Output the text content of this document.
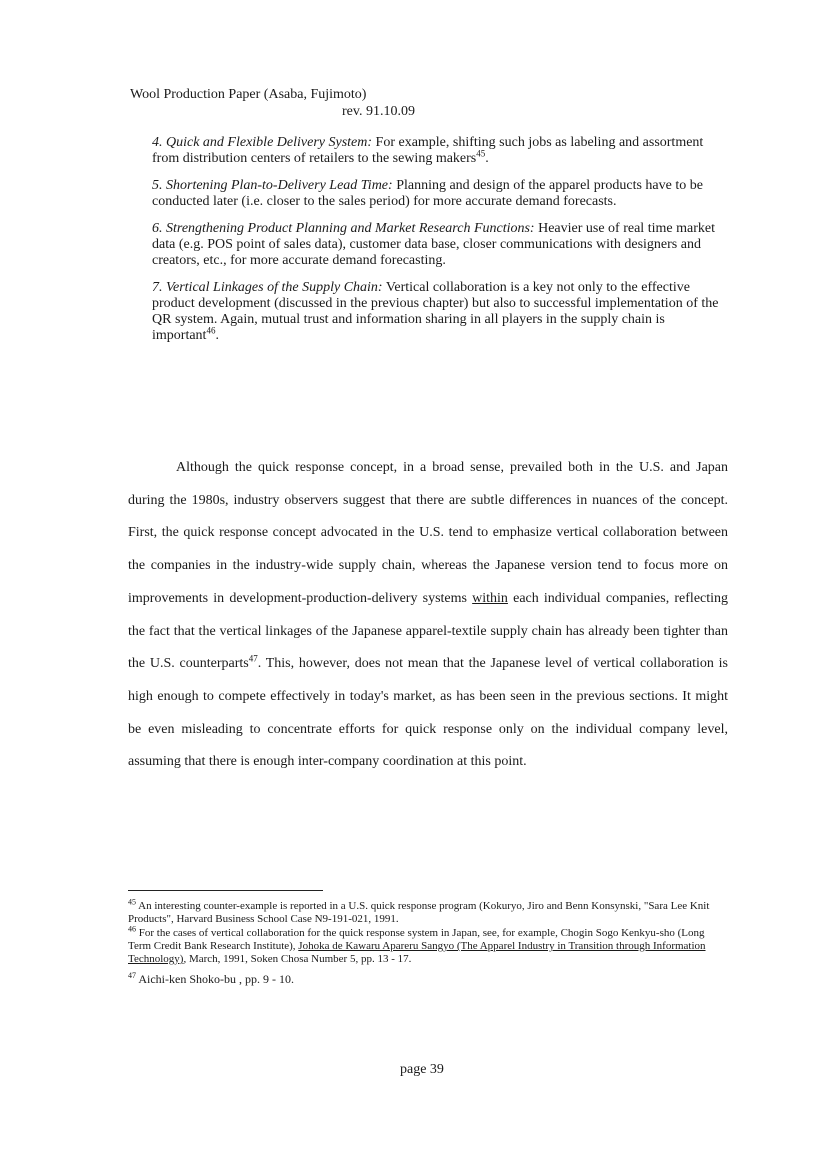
Wool Production Paper (Asaba, Fujimoto)
rev. 91.10.09
4. Quick and Flexible Delivery System: For example, shifting such jobs as labeling and assortment from distribution centers of retailers to the sewing makers$^{45}$.
5. Shortening Plan-to-Delivery Lead Time: Planning and design of the apparel products have to be conducted later (i.e. closer to the sales period) for more accurate demand forecasts.
6. Strengthening Product Planning and Market Research Functions: Heavier use of real time market data (e.g. POS point of sales data), customer data base, closer communications with designers and creators, etc., for more accurate demand forecasting.
7. Vertical Linkages of the Supply Chain: Vertical collaboration is a key not only to the effective product development (discussed in the previous chapter) but also to successful implementation of the QR system. Again, mutual trust and information sharing in all players in the supply chain is important$^{46}$.

Although the quick response concept, in a broad sense, prevailed both in the U.S. and Japan during the 1980s, industry observers suggest that there are subtle differences in nuances of the concept. First, the quick response concept advocated in the U.S. tend to emphasize vertical collaboration between the companies in the industry-wide supply chain, whereas the Japanese version tend to focus more on improvements in development-production-delivery systems within each individual companies, reflecting the fact that the vertical linkages of the Japanese apparel-textile supply chain has already been tighter than the U.S. counterparts$^{47}$. This, however, does not mean that the Japanese level of vertical collaboration is high enough to compete effectively in today's market, as has been seen in the previous sections. It might be even misleading to concentrate efforts for quick response only on the individual company level, assuming that there is enough inter-company coordination at this point.

$^{45}$ An interesting counter-example is reported in a U.S. quick response program (Kokuryo, Jiro and Benn Konsynski, "Sara Lee Knit Products", Harvard Business School Case N9-191-021, 1991.
$^{46}$ For the cases of vertical collaboration for the quick response system in Japan, see, for example, Chogin Sogo Kenkyu-sho (Long Term Credit Bank Research Institute), Johoka de Kawaru Apareru Sangyo (The Apparel Industry in Transition through Information Technology), March, 1991, Soken Chosa Number 5, pp. 13 - 17.
$^{47}$ Aichi-ken Shoko-bu , pp. 9 - 10.
page 39
